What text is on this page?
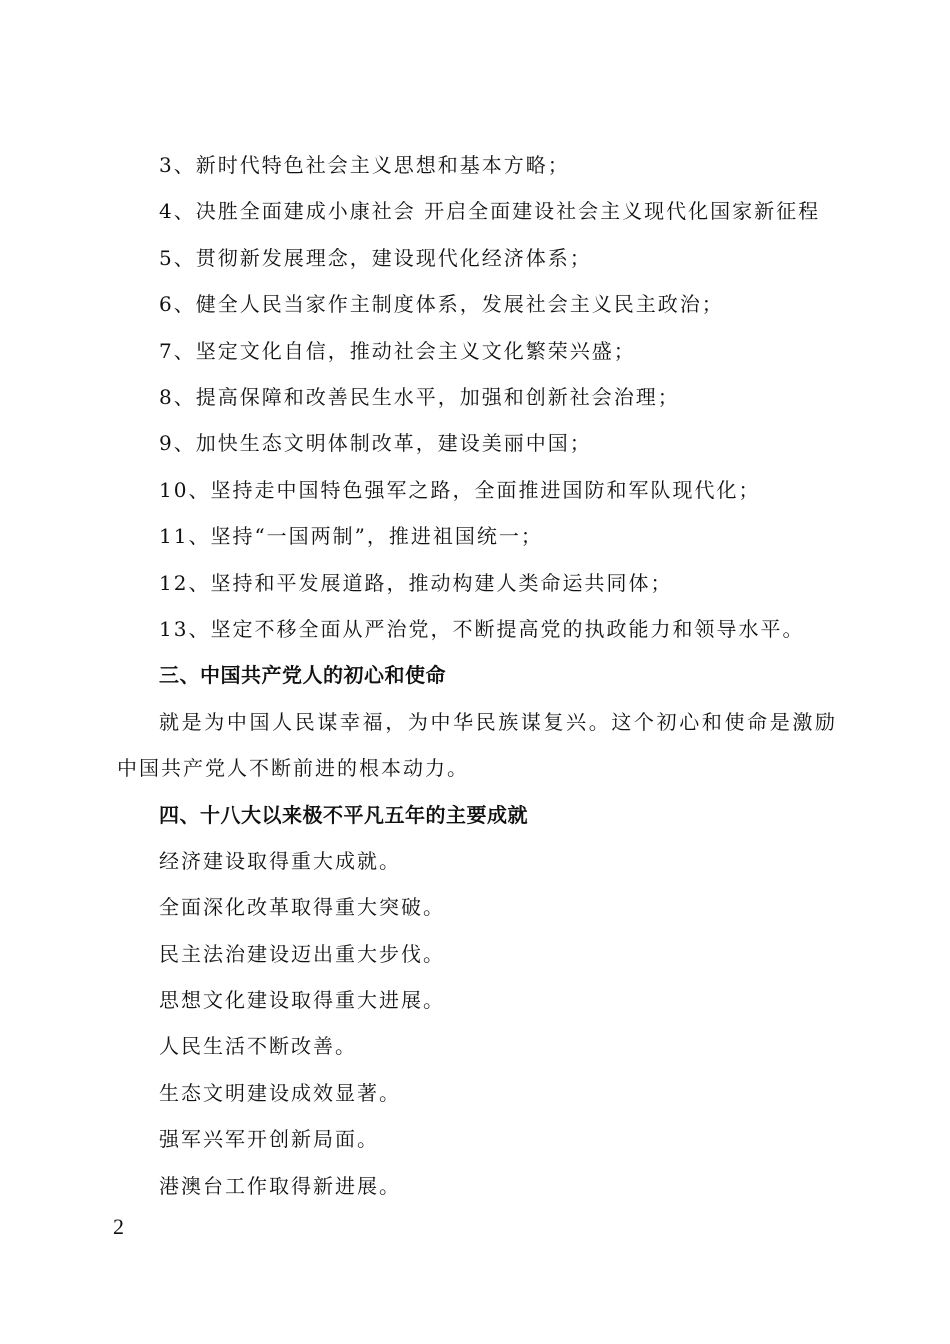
3、新时代特色社会主义思想和基本方略；
4、决胜全面建成小康社会 开启全面建设社会主义现代化国家新征程
5、贯彻新发展理念，建设现代化经济体系；
6、健全人民当家作主制度体系，发展社会主义民主政治；
7、坚定文化自信，推动社会主义文化繁荣兴盛；
8、提高保障和改善民生水平，加强和创新社会治理；
9、加快生态文明体制改革，建设美丽中国；
10、坚持走中国特色强军之路，全面推进国防和军队现代化；
11、坚持“一国两制”，推进祖国统一；
12、坚持和平发展道路，推动构建人类命运共同体；
13、坚定不移全面从严治党，不断提高党的执政能力和领导水平。
三、中国共产党人的初心和使命
就是为中国人民谋幸福，为中华民族谋复兴。这个初心和使命是激励中国共产党人不断前进的根本动力。
四、十八大以来极不平凡五年的主要成就
经济建设取得重大成就。
全面深化改革取得重大突破。
民主法治建设迈出重大步伐。
思想文化建设取得重大进展。
人民生活不断改善。
生态文明建设成效显著。
强军兴军开创新局面。
港澳台工作取得新进展。
2
